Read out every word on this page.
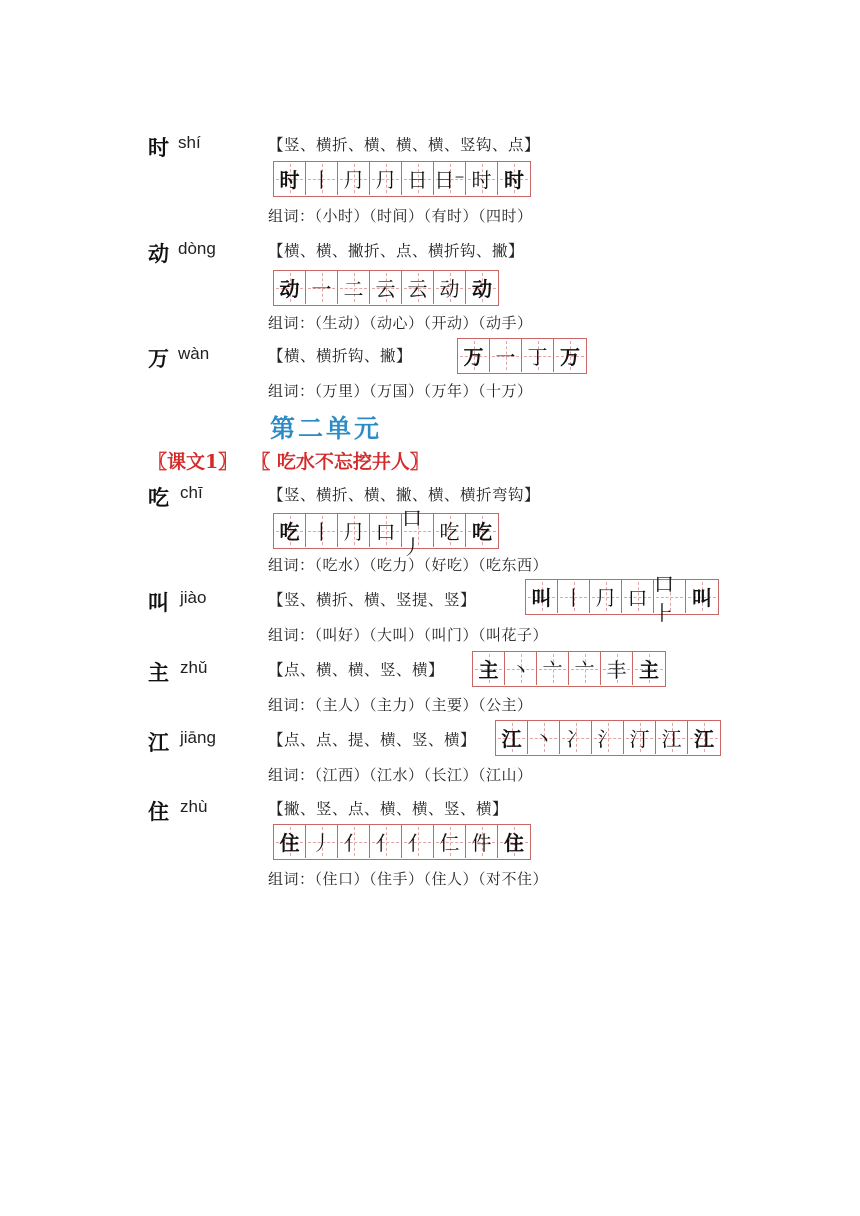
时 shí	【竖、横折、横、横、横、竖钩、点】
时 丨 ⺆ ⺆ 日 日⁻ 时 时
组词：（小时）（时间）（有时）（四时）
动 dòng	【横、横、撇折、点、横折钩、撇】
动 一 二 云 云 动 动
组词：（生动）（动心）（开动）（动手）
万 wàn	【横、横折钩、撇】	万 一 丁 万
组词：（万里）（万国）（万年）（十万）
第二单元
〖课文1〗 〖 吃水不忘挖井人〗
吃 chī	【竖、横折、横、撇、横、横折弯钩】
吃 丨 ⺆ 口
口⼃
吃 吃
组词：（吃水）（吃力）（好吃）（吃东西）
叫 jiào	【竖、横折、横、竖提、竖】	叫 丨 ⺆ 口
口⺊
叫
组词：（叫好）（大叫）（叫门）（叫花子）
主 zhǔ	【点、横、横、竖、横】 主 丶 亠 亠 丰 主
组词：（主人）（主力）（主要）（公主）
江 jiāng	【点、点、提、横、竖、横】 江 丶 冫 氵 汀 江 江
组词：（江西）（江水）（长江）（江山）
住 zhù	【撇、竖、点、横、横、竖、横】
住 丿 亻 亻 亻 仁 件 住
组词：（住口）（住手）（住人）（对不住）
